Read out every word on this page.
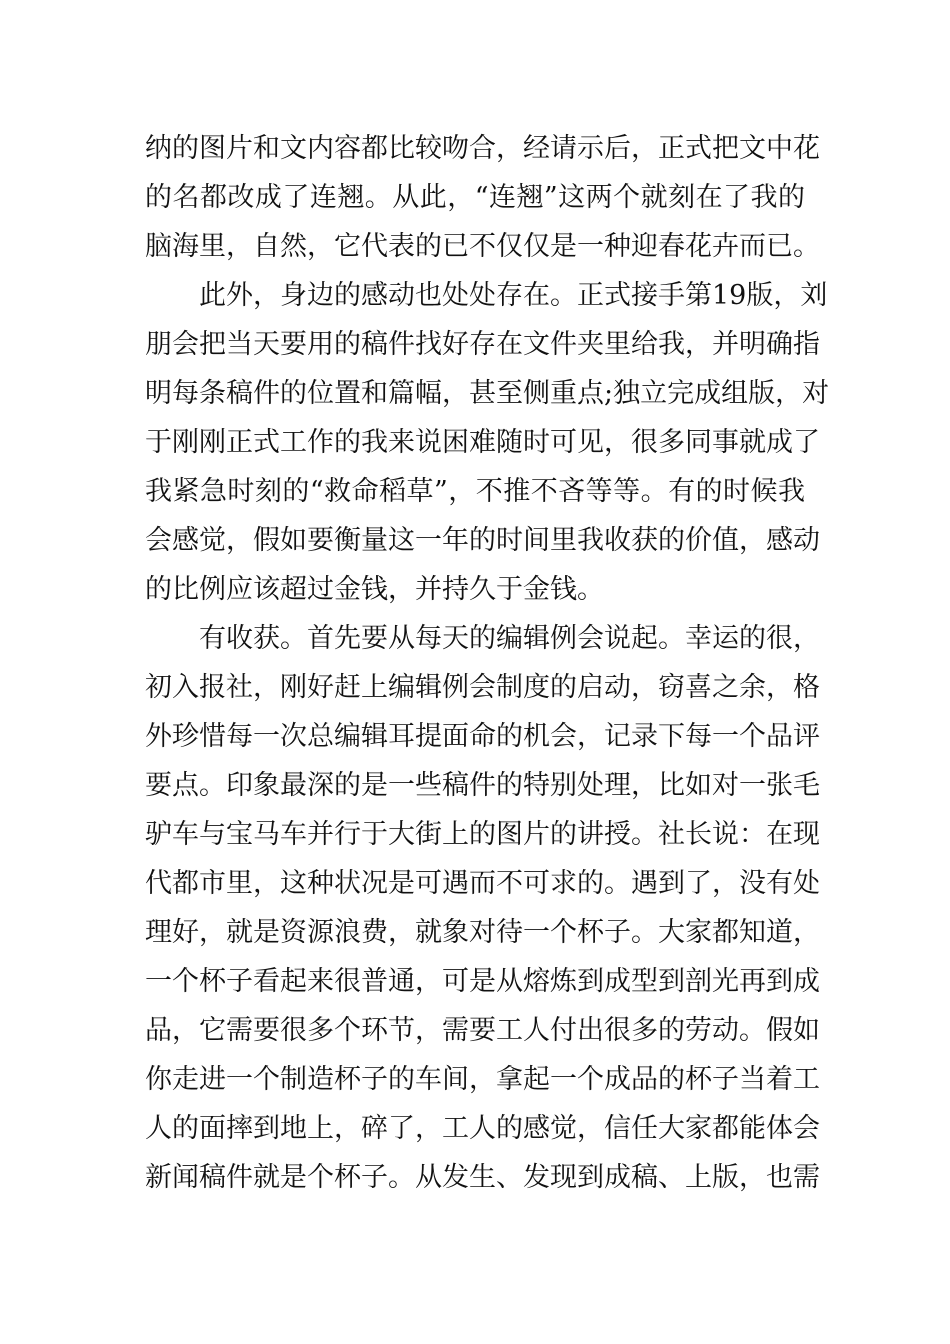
纳的图片和文内容都比较吻合，经请示后，正式把文中花
的名都改成了连翘。从此，“连翘”这两个就刻在了我的
脑海里，自然，它代表的已不仅仅是一种迎春花卉而已。
此外，身边的感动也处处存在。正式接手第19版，刘
朋会把当天要用的稿件找好存在文件夹里给我，并明确指
明每条稿件的位置和篇幅，甚至侧重点;独立完成组版，对
于刚刚正式工作的我来说困难随时可见，很多同事就成了
我紧急时刻的“救命稻草”，不推不吝等等。有的时候我
会感觉，假如要衡量这一年的时间里我收获的价值，感动
的比例应该超过金钱，并持久于金钱。
有收获。首先要从每天的编辑例会说起。幸运的很，
初入报社，刚好赶上编辑例会制度的启动，窃喜之余，格
外珍惜每一次总编辑耳提面命的机会，记录下每一个品评
要点。印象最深的是一些稿件的特别处理，比如对一张毛
驴车与宝马车并行于大街上的图片的讲授。社长说：在现
代都市里，这种状况是可遇而不可求的。遇到了，没有处
理好，就是资源浪费，就象对待一个杯子。大家都知道，
一个杯子看起来很普通，可是从熔炼到成型到剖光再到成
品，它需要很多个环节，需要工人付出很多的劳动。假如
你走进一个制造杯子的车间，拿起一个成品的杯子当着工
人的面摔到地上，碎了，工人的感觉，信任大家都能体会
新闻稿件就是个杯子。从发生、发现到成稿、上版，也需
